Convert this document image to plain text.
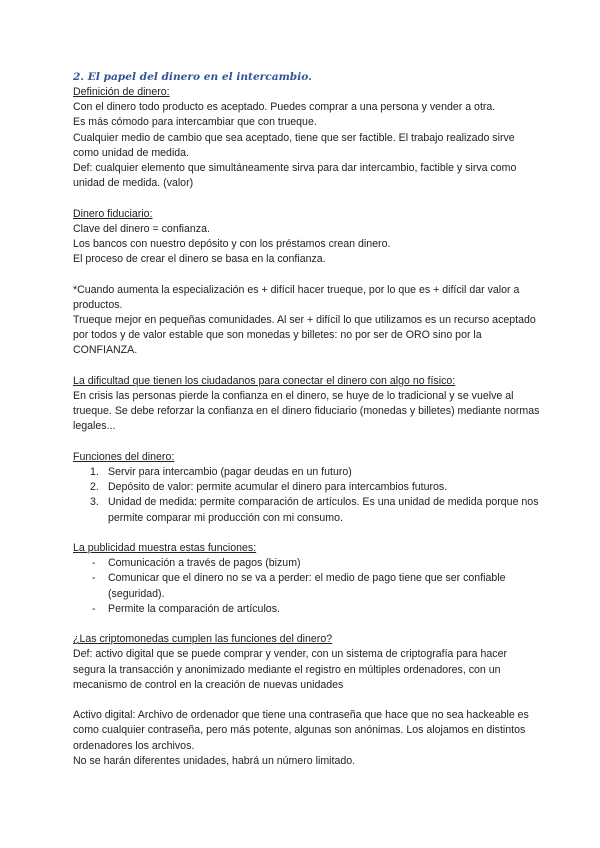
2. El papel del dinero en el intercambio.

Definición de dinero:

Con el dinero todo producto es aceptado. Puedes comprar a una persona y vender a otra.

Es más cómodo para intercambiar que con trueque.

Cualquier medio de cambio que sea aceptado, tiene que ser factible. El trabajo realizado sirve como unidad de medida.

Def: cualquier elemento que simultáneamente sirva para dar intercambio, factible y sirva como unidad de medida. (valor)

Dinero fiduciario:

Clave del dinero = confianza.

Los bancos con nuestro depósito y con los préstamos crean dinero.

El proceso de crear el dinero se basa en la confianza.

*Cuando aumenta la especialización es + difícil hacer trueque, por lo que es + difícil dar valor a productos.

Trueque mejor en pequeñas comunidades. Al ser + difícil lo que utilizamos es un recurso aceptado por todos y de valor estable que son monedas y billetes: no por ser de ORO sino por la CONFIANZA.

La dificultad que tienen los ciudadanos para conectar el dinero con algo no físico:

En crisis las personas pierde la confianza en el dinero, se huye de lo tradicional y se vuelve al trueque. Se debe reforzar la confianza en el dinero fiduciario (monedas y billetes) mediante normas legales...

Funciones del dinero:

1. Servir para intercambio (pagar deudas en un futuro)
2. Depósito de valor: permite acumular el dinero para intercambios futuros.
3. Unidad de medida: permite comparación de artículos. Es una unidad de medida porque nos permite comparar mi producción con mi consumo.

La publicidad muestra estas funciones:

- Comunicación a través de pagos (bizum)
- Comunicar que el dinero no se va a perder: el medio de pago tiene que ser confiable (seguridad).
- Permite la comparación de artículos.

¿Las criptomonedas cumplen las funciones del dinero?

Def: activo digital que se puede comprar y vender, con un sistema de criptografía para hacer segura la transacción y anonimizado mediante el registro en múltiples ordenadores, con un mecanismo de control en la creación de nuevas unidades

Activo digital: Archivo de ordenador que tiene una contraseña que hace que no sea hackeable es como cualquier contraseña, pero más potente, algunas son anónimas. Los alojamos en distintos ordenadores los archivos.

No se harán diferentes unidades, habrá un número limitado.
